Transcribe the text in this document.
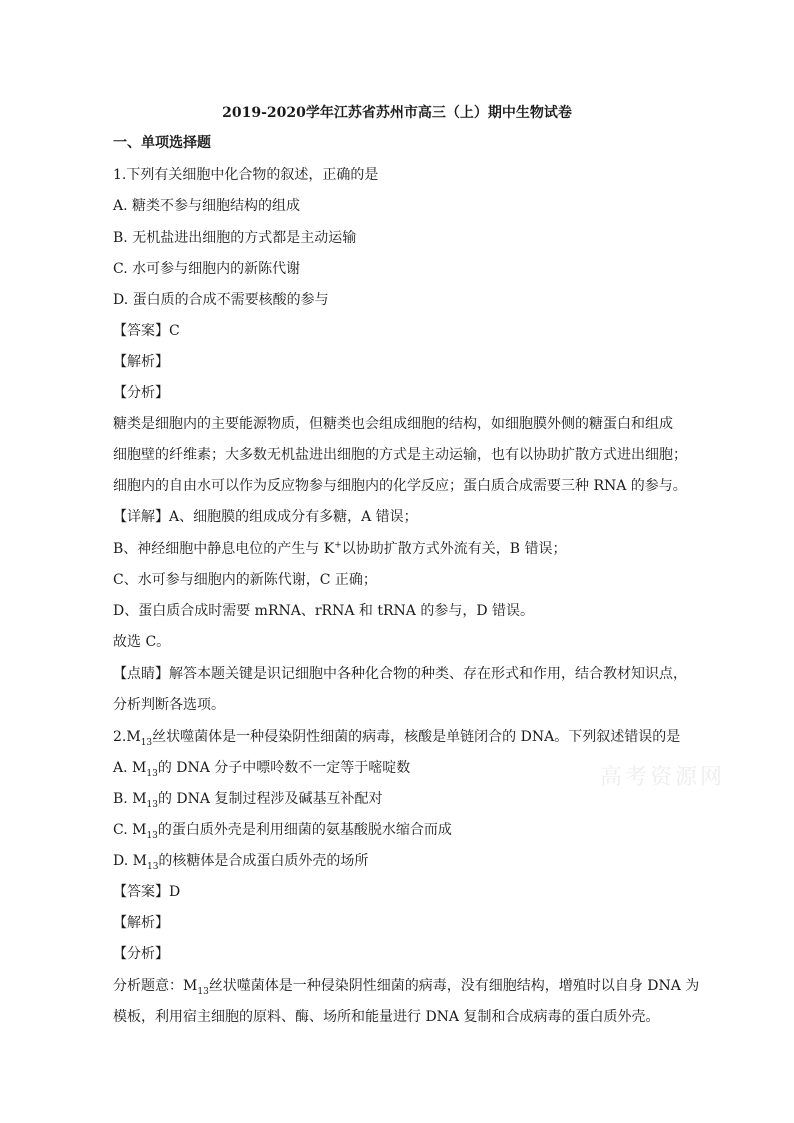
2019-2020学年江苏省苏州市高三（上）期中生物试卷
一、单项选择题
1.下列有关细胞中化合物的叙述，正确的是
A. 糖类不参与细胞结构的组成
B. 无机盐进出细胞的方式都是主动运输
C. 水可参与细胞内的新陈代谢
D. 蛋白质的合成不需要核酸的参与
【答案】C
【解析】
【分析】
糖类是细胞内的主要能源物质，但糖类也会组成细胞的结构，如细胞膜外侧的糖蛋白和组成
细胞壁的纤维素；大多数无机盐进出细胞的方式是主动运输，也有以协助扩散方式进出细胞；
细胞内的自由水可以作为反应物参与细胞内的化学反应；蛋白质合成需要三种 RNA 的参与。
【详解】A、细胞膜的组成成分有多糖，A 错误；
B、神经细胞中静息电位的产生与 K+以协助扩散方式外流有关，B 错误；
C、水可参与细胞内的新陈代谢，C 正确；
D、蛋白质合成时需要 mRNA、rRNA 和 tRNA 的参与，D 错误。
故选 C。
【点睛】解答本题关键是识记细胞中各种化合物的种类、存在形式和作用，结合教材知识点，
分析判断各选项。
$2.M_{13}$丝状噬菌体是一种侵染阴性细菌的病毒，核酸是单链闭合的 DNA。下列叙述错误的是
A. $M_{13}$的 DNA 分子中嘌呤数不一定等于嘧啶数
B. $M_{13}$的 DNA 复制过程涉及碱基互补配对
C. $M_{13}$的蛋白质外壳是利用细菌的氨基酸脱水缩合而成
D. $M_{13}$的核糖体是合成蛋白质外壳的场所
【答案】D
【解析】
【分析】
分析题意：$M_{13}$丝状噬菌体是一种侵染阴性细菌的病毒，没有细胞结构，增殖时以自身 DNA 为
模板，利用宿主细胞的原料、酶、场所和能量进行 DNA 复制和合成病毒的蛋白质外壳。
高考资源网
